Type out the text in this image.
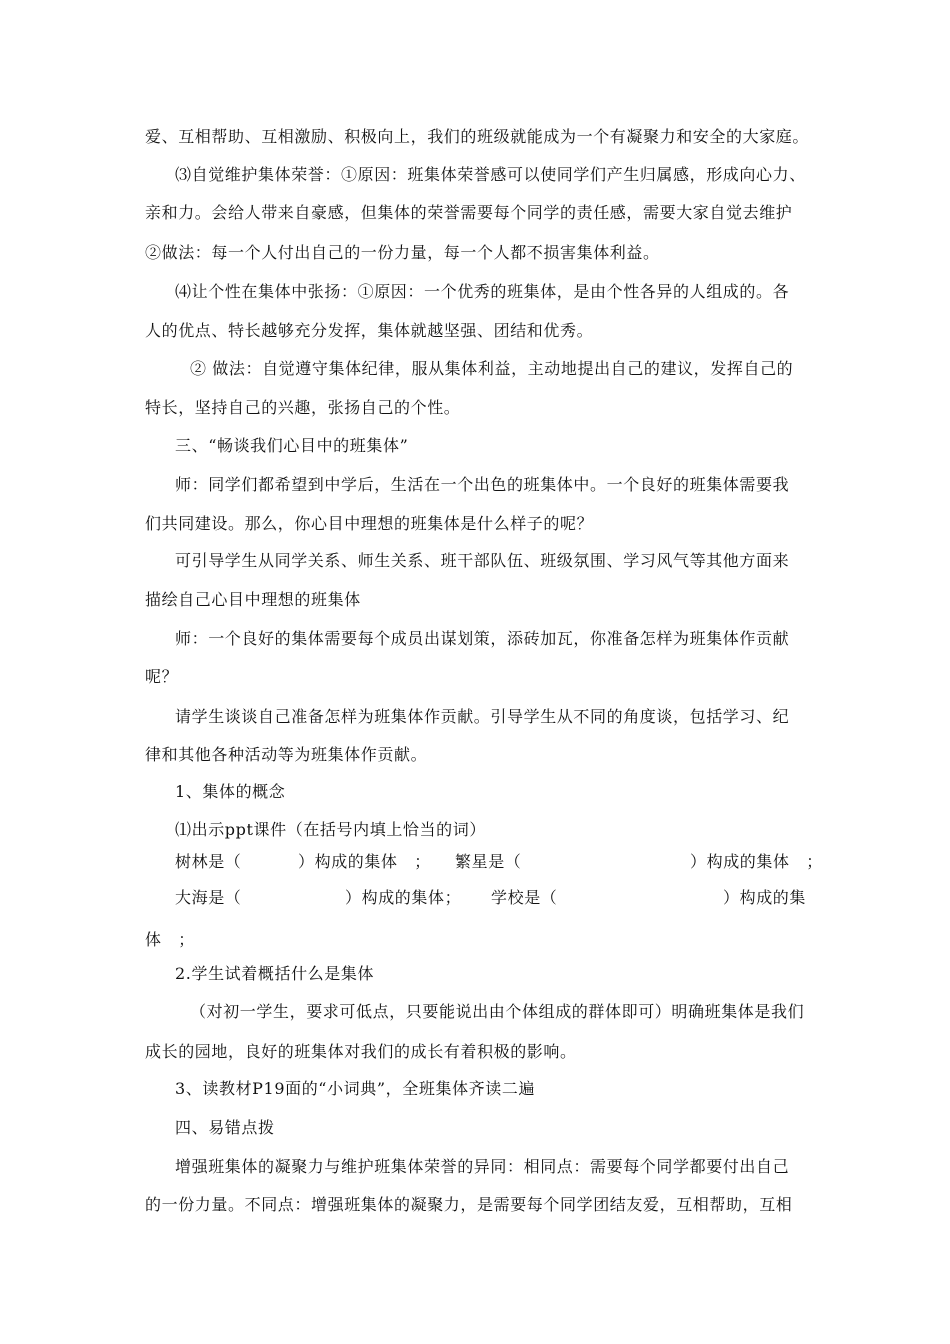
爱、互相帮助、互相激励、积极向上，我们的班级就能成为一个有凝聚力和安全的大家庭。
⑶自觉维护集体荣誉：①原因：班集体荣誉感可以使同学们产生归属感，形成向心力、
亲和力。会给人带来自豪感，但集体的荣誉需要每个同学的责任感，需要大家自觉去维护
②做法：每一个人付出自己的一份力量，每一个人都不损害集体利益。
⑷让个性在集体中张扬：①原因：一个优秀的班集体，是由个性各异的人组成的。各
人的优点、特长越够充分发挥，集体就越坚强、团结和优秀。
② 做法：自觉遵守集体纪律，服从集体利益，主动地提出自己的建议，发挥自己的
特长，坚持自己的兴趣，张扬自己的个性。
三、“畅谈我们心目中的班集体”
师：同学们都希望到中学后，生活在一个出色的班集体中。一个良好的班集体需要我
们共同建设。那么，你心目中理想的班集体是什么样子的呢？
可引导学生从同学关系、师生关系、班干部队伍、班级氛围、学习风气等其他方面来
描绘自己心目中理想的班集体
师：一个良好的集体需要每个成员出谋划策，添砖加瓦，你准备怎样为班集体作贡献
呢？
请学生谈谈自己准备怎样为班集体作贡献。引导学生从不同的角度谈，包括学习、纪
律和其他各种活动等为班集体作贡献。
1、集体的概念
⑴出示ppt课件（在括号内填上恰当的词）
树林是（	）构成的集体　； 繁星是（	）构成的集体　；
大海是（	）构成的集体； 学校是（	）构成的集
体　；
2.学生试着概括什么是集体
（对初一学生，要求可低点，只要能说出由个体组成的群体即可）明确班集体是我们
成长的园地，良好的班集体对我们的成长有着积极的影响。
3、读教材P19面的“小词典”，全班集体齐读二遍
四、易错点拨
增强班集体的凝聚力与维护班集体荣誉的异同：相同点：需要每个同学都要付出自己
的一份力量。不同点：增强班集体的凝聚力，是需要每个同学团结友爱，互相帮助，互相
